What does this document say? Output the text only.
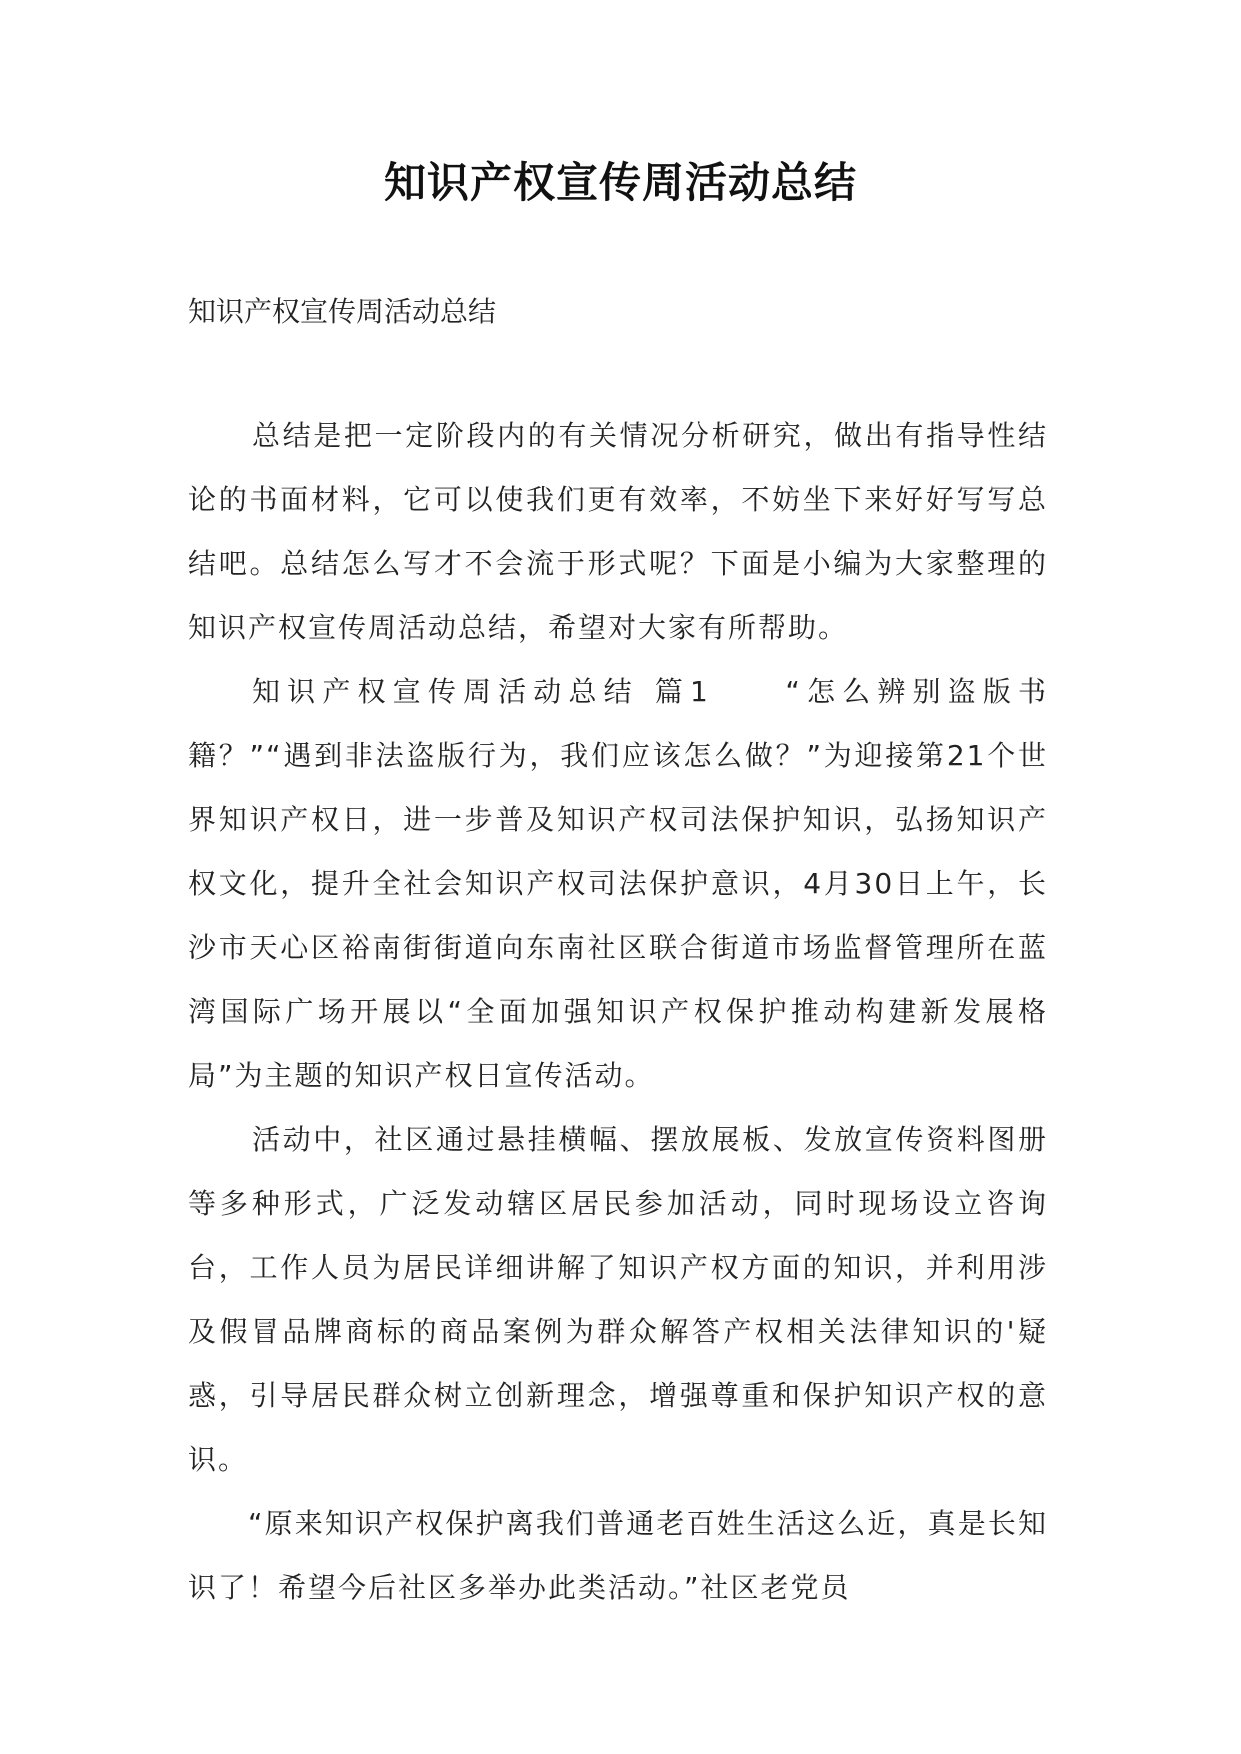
知识产权宣传周活动总结
知识产权宣传周活动总结

总结是把一定阶段内的有关情况分析研究，做出有指导性结论的书面材料，它可以使我们更有效率，不妨坐下来好好写写总结吧。总结怎么写才不会流于形式呢？下面是小编为大家整理的知识产权宣传周活动总结，希望对大家有所帮助。

知识产权宣传周活动总结 篇1　　“怎么辨别盗版书籍？”“遇到非法盗版行为，我们应该怎么做？”为迎接第21个世界知识产权日，进一步普及知识产权司法保护知识，弘扬知识产权文化，提升全社会知识产权司法保护意识，4月30日上午，长沙市天心区裕南街街道向东南社区联合街道市场监督管理所在蓝湾国际广场开展以“全面加强知识产权保护推动构建新发展格局”为主题的知识产权日宣传活动。

活动中，社区通过悬挂横幅、摆放展板、发放宣传资料图册等多种形式，广泛发动辖区居民参加活动，同时现场设立咨询台，工作人员为居民详细讲解了知识产权方面的知识，并利用涉及假冒品牌商标的商品案例为群众解答产权相关法律知识的'疑惑，引导居民群众树立创新理念，增强尊重和保护知识产权的意识。

“原来知识产权保护离我们普通老百姓生活这么近，真是长知识了！希望今后社区多举办此类活动。”社区老党员
